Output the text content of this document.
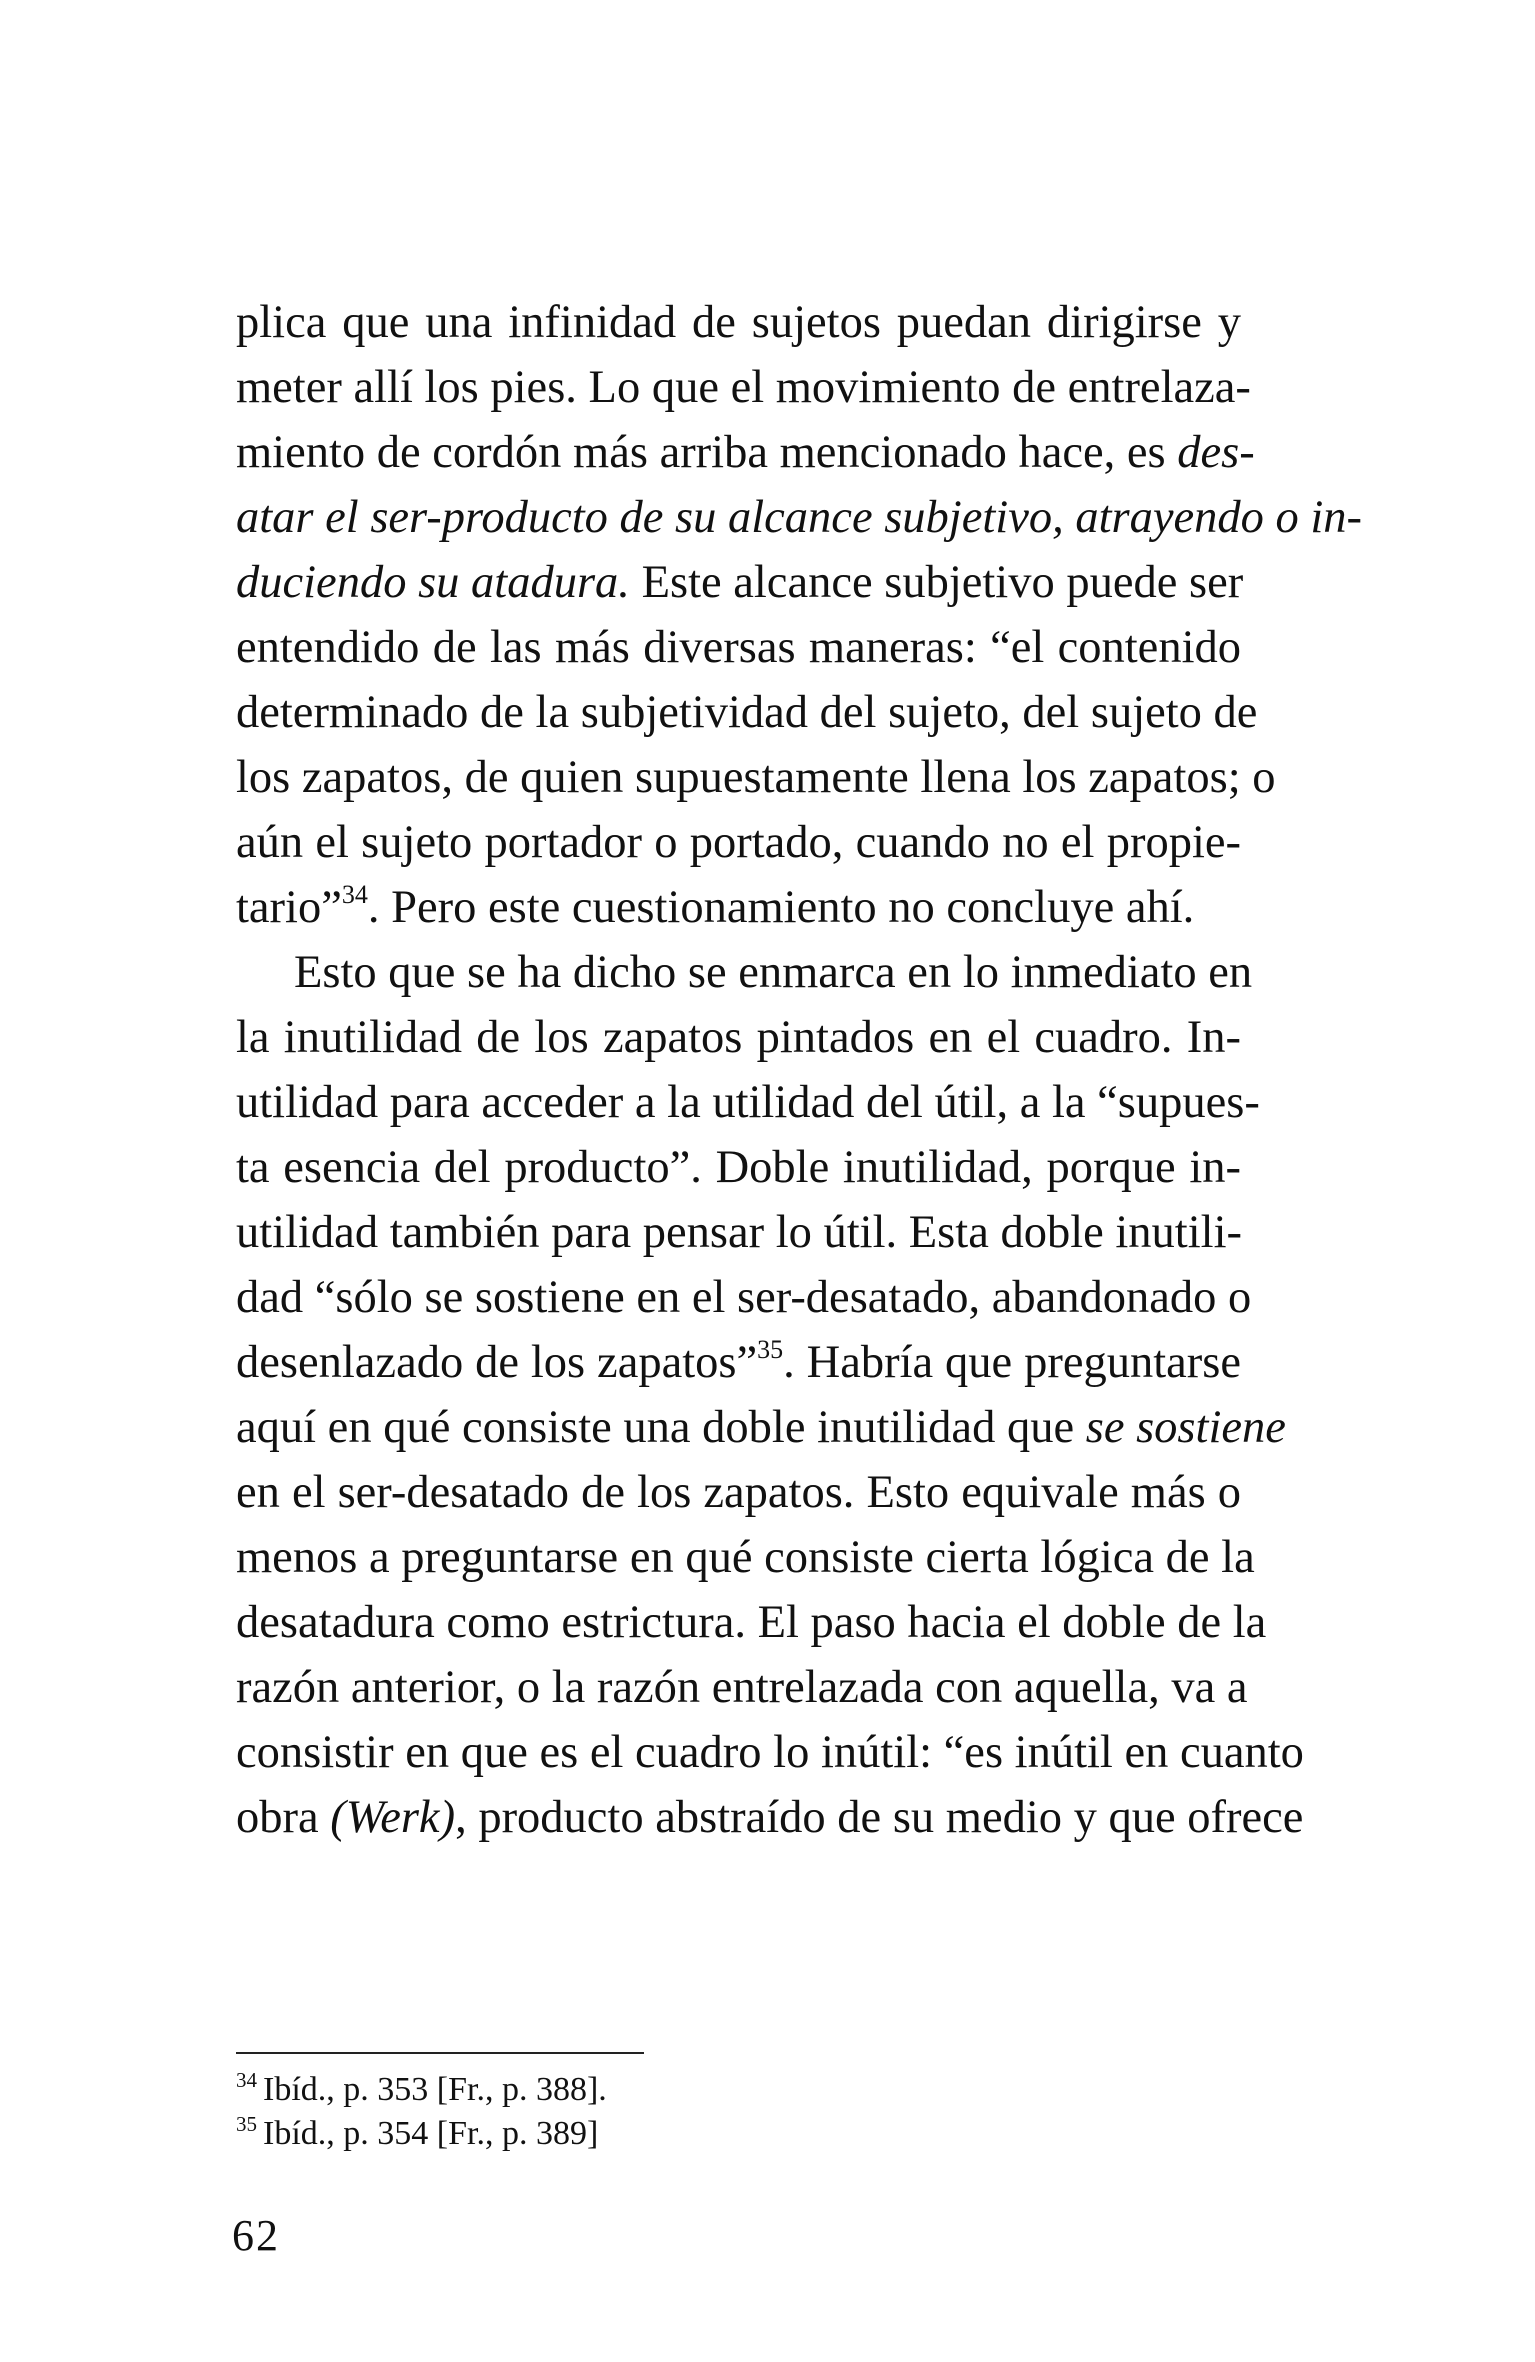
plica que una infinidad de sujetos puedan dirigirse y
meter allí los pies. Lo que el movimiento de entrelaza-
miento de cordón más arriba mencionado hace, es des-
atar el ser-producto de su alcance subjetivo, atrayendo o in-
duciendo su atadura. Este alcance subjetivo puede ser
entendido de las más diversas maneras: “el contenido
determinado de la subjetividad del sujeto, del sujeto de
los zapatos, de quien supuestamente llena los zapatos; o
aún el sujeto portador o portado, cuando no el propie-
tario”$^{34}$. Pero este cuestionamiento no concluye ahí.
Esto que se ha dicho se enmarca en lo inmediato en
la inutilidad de los zapatos pintados en el cuadro. In-
utilidad para acceder a la utilidad del útil, a la “supues-
ta esencia del producto”. Doble inutilidad, porque in-
utilidad también para pensar lo útil. Esta doble inutili-
dad “sólo se sostiene en el ser-desatado, abandonado o
desenlazado de los zapatos”$^{35}$. Habría que preguntarse
aquí en qué consiste una doble inutilidad que se sostiene
en el ser-desatado de los zapatos. Esto equivale más o
menos a preguntarse en qué consiste cierta lógica de la
desatadura como estrictura. El paso hacia el doble de la
razón anterior, o la razón entrelazada con aquella, va a
consistir en que es el cuadro lo inútil: “es inútil en cuanto
obra (Werk), producto abstraído de su medio y que ofrece
$^{34}$ Ibíd., p. 353 [Fr., p. 388].
$^{35}$ Ibíd., p. 354 [Fr., p. 389]
62
